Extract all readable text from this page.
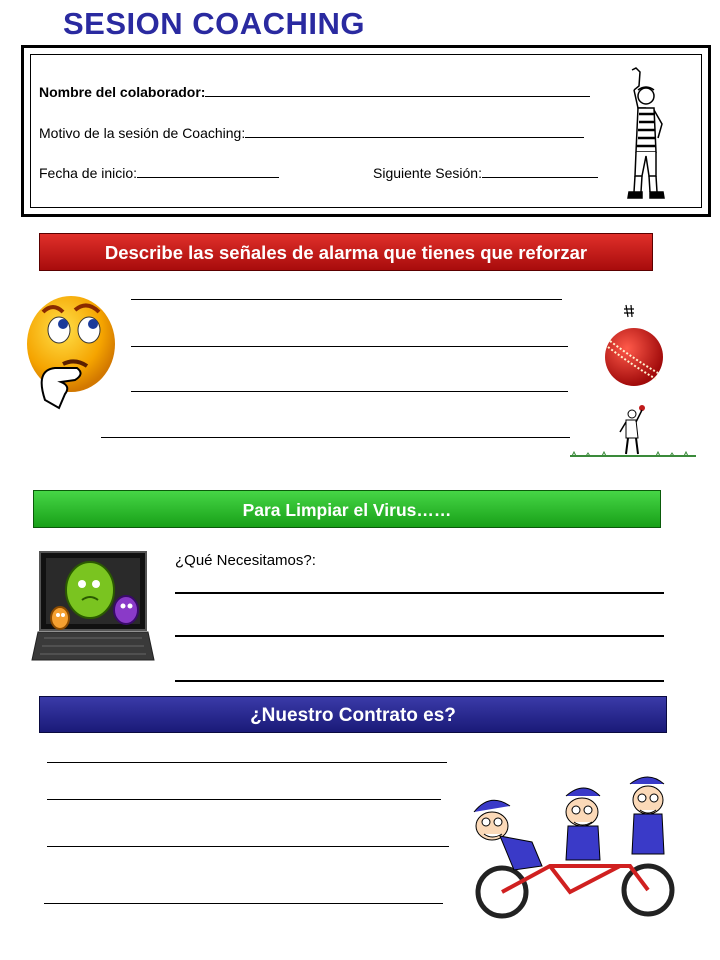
SESION COACHING
Nombre del colaborador:
Motivo de la sesión de Coaching:
Fecha de inicio:	Siguiente Sesión:
Describe las señales de alarma que tienes que reforzar
Para Limpiar el Virus……
¿Qué Necesitamos?:
¿Nuestro Contrato es?
